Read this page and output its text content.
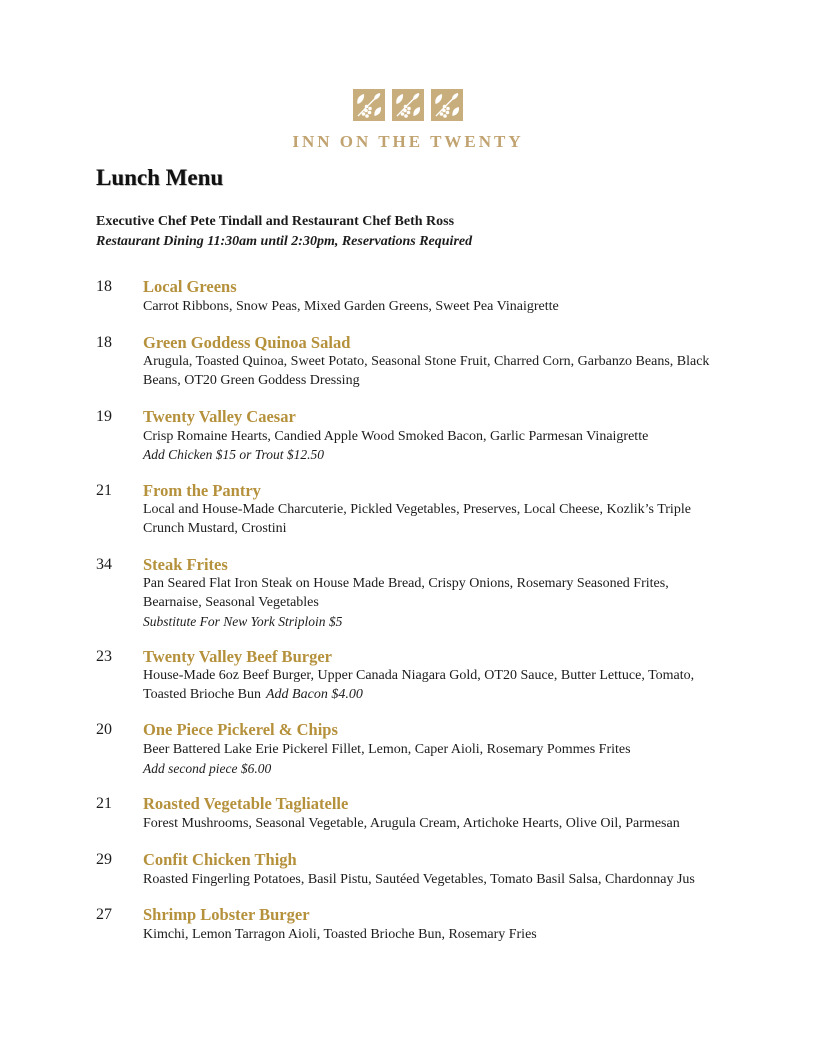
INN ON THE TWENTY
Lunch Menu

Executive Chef Pete Tindall and Restaurant Chef Beth Ross

Restaurant Dining 11:30am until 2:30pm, Reservations Required

18	Local Greens

Carrot Ribbons, Snow Peas, Mixed Garden Greens, Sweet Pea Vinaigrette

18	Green Goddess Quinoa Salad

Arugula, Toasted Quinoa, Sweet Potato, Seasonal Stone Fruit, Charred Corn, Garbanzo Beans, Black Beans, OT20 Green Goddess Dressing

19	Twenty Valley Caesar

Crisp Romaine Hearts, Candied Apple Wood Smoked Bacon, Garlic Parmesan Vinaigrette

Add Chicken $15 or Trout $12.50

21	From the Pantry

Local and House-Made Charcuterie, Pickled Vegetables, Preserves, Local Cheese, Kozlik’s Triple Crunch Mustard, Crostini

34	Steak Frites

Pan Seared Flat Iron Steak on House Made Bread, Crispy Onions, Rosemary Seasoned Frites, Bearnaise, Seasonal Vegetables

Substitute For New York Striploin $5

23	Twenty Valley Beef Burger

House-Made 6oz Beef Burger, Upper Canada Niagara Gold, OT20 Sauce, Butter Lettuce, Tomato, Toasted Brioche Bun Add Bacon $4.00

20	One Piece Pickerel & Chips

Beer Battered Lake Erie Pickerel Fillet, Lemon, Caper Aioli, Rosemary Pommes Frites

Add second piece $6.00

21	Roasted Vegetable Tagliatelle

Forest Mushrooms, Seasonal Vegetable, Arugula Cream, Artichoke Hearts, Olive Oil, Parmesan

29	Confit Chicken Thigh

Roasted Fingerling Potatoes, Basil Pistu, Sautéed Vegetables, Tomato Basil Salsa, Chardonnay Jus

27	Shrimp Lobster Burger

Kimchi, Lemon Tarragon Aioli, Toasted Brioche Bun, Rosemary Fries
